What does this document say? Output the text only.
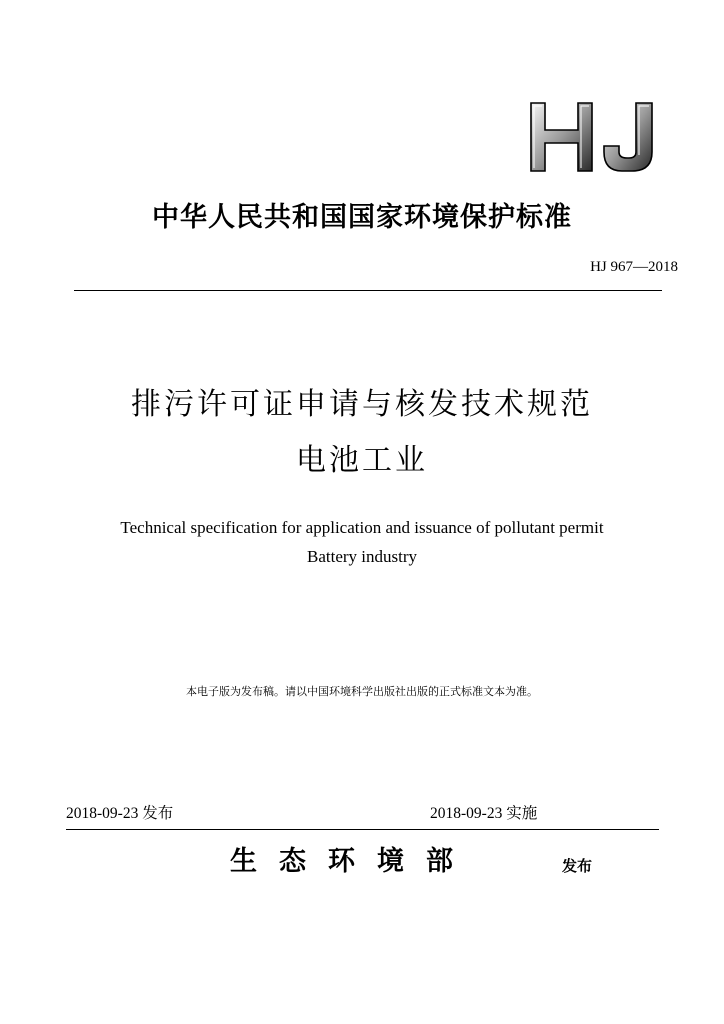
中华人民共和国国家环境保护标准
HJ 967—2018
排污许可证申请与核发技术规范
电池工业
Technical specification for application and issuance of pollutant permit
Battery industry
本电子版为发布稿。请以中国环境科学出版社出版的正式标准文本为准。
2018-09-23 发布	2018-09-23 实施
生态环境部	发布
